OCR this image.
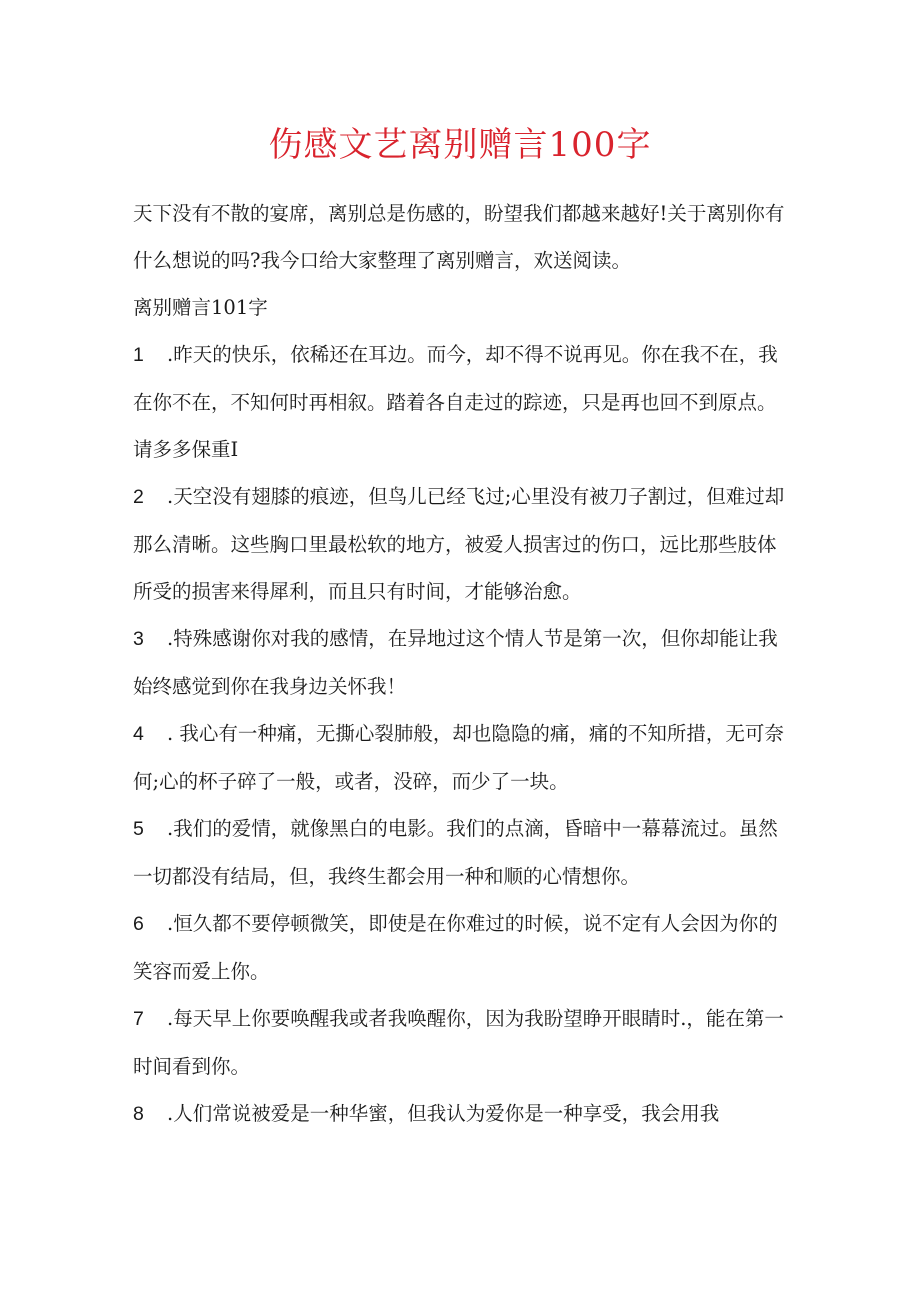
伤感文艺离别赠言100字

天下没有不散的宴席，离别总是伤感的，盼望我们都越来越好!关于离别你有什么想说的吗?我今口给大家整理了离别赠言，欢送阅读。

离别赠言101字

1 .昨天的快乐，依稀还在耳边。而今，却不得不说再见。你在我不在，我在你不在，不知何时再相叙。踏着各自走过的踪迹，只是再也回不到原点。请多多保重I

2 .天空没有翅膝的痕迹，但鸟儿已经飞过;心里没有被刀子割过，但难过却那么清晰。这些胸口里最松软的地方，被爱人损害过的伤口，远比那些肢体所受的损害来得犀利，而且只有时间，才能够治愈。

3 .特殊感谢你对我的感情，在异地过这个情人节是第一次，但你却能让我始终感觉到你在我身边关怀我！

4 . 我心有一种痛，无撕心裂肺般，却也隐隐的痛，痛的不知所措，无可奈何;心的杯子碎了一般，或者，没碎，而少了一块。

5 .我们的爱情，就像黑白的电影。我们的点滴，昏暗中一幕幕流过。虽然一切都没有结局，但，我终生都会用一种和顺的心情想你。

6 .恒久都不要停顿微笑，即使是在你难过的时候，说不定有人会因为你的笑容而爱上你。

7 .每天早上你要唤醒我或者我唤醒你，因为我盼望睁开眼睛时.，能在第一时间看到你。

8 .人们常说被爱是一种华蜜，但我认为爱你是一种享受，我会用我
